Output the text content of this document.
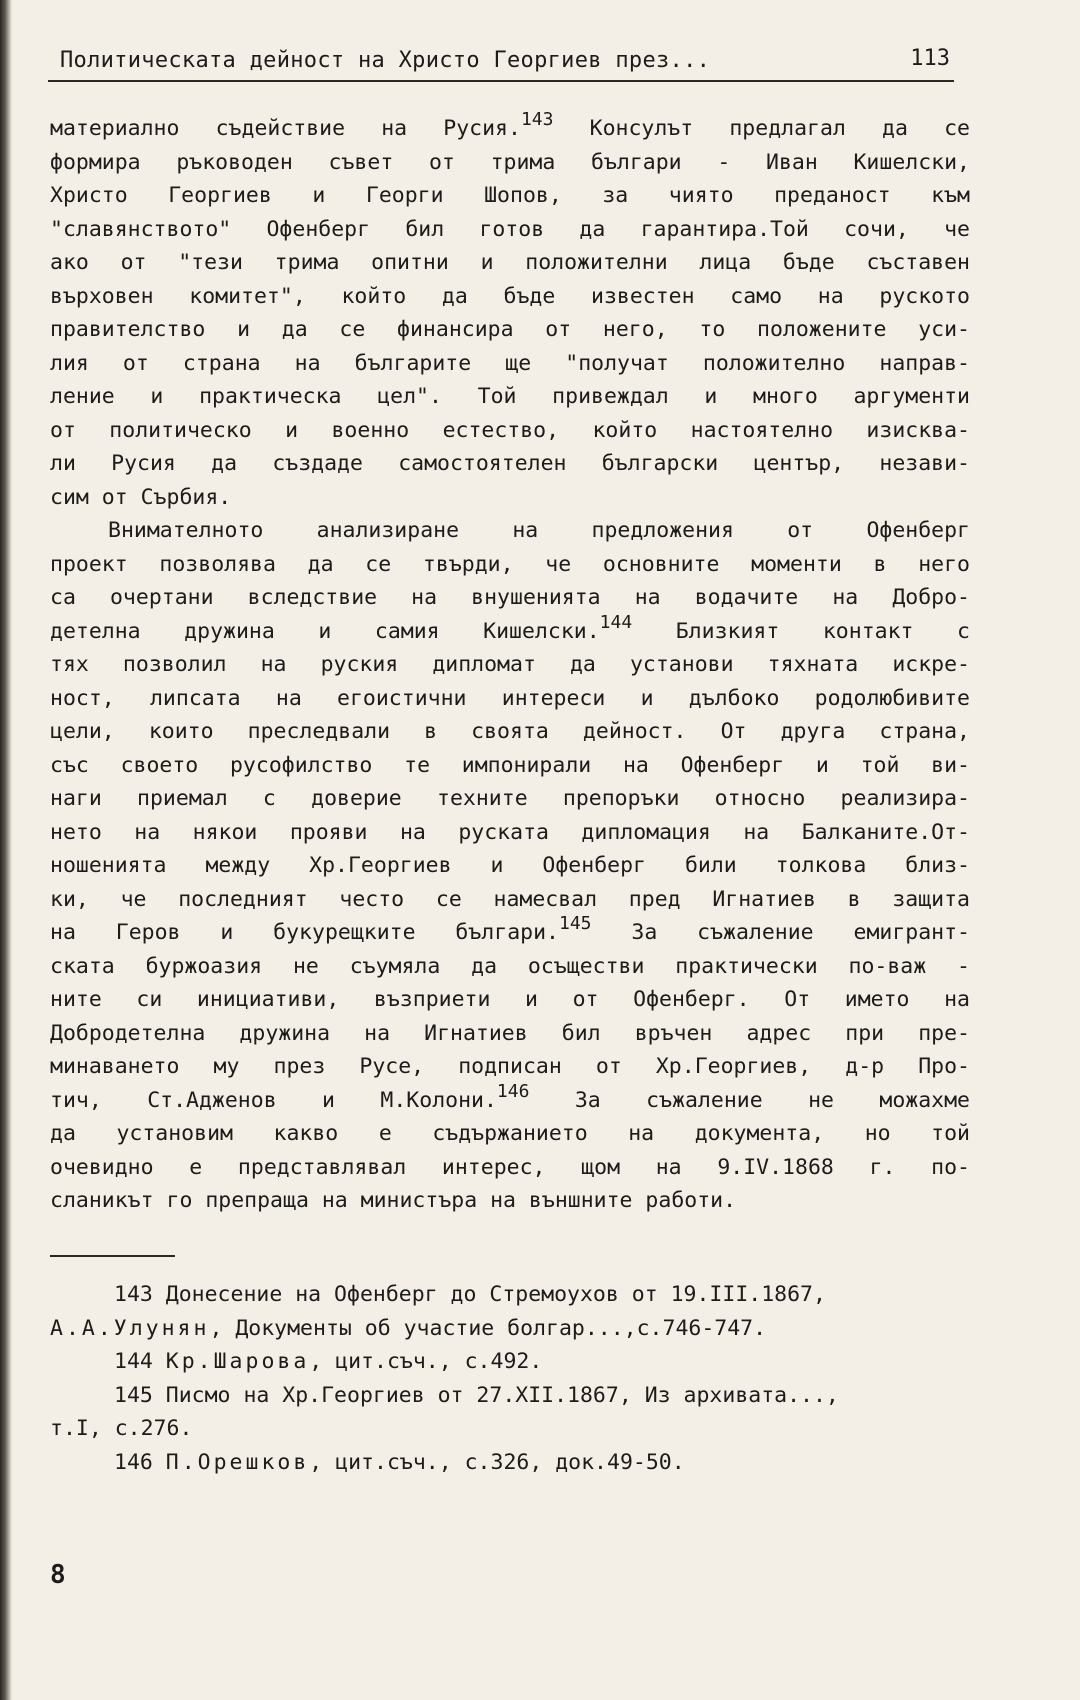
Политическата дейност на Христо Георгиев през...	113
материално съдействие на Русия.$^{143}$ Консулът предлагал да се
формира ръководен съвет от трима българи - Иван Кишелски,
Христо Георгиев и Георги Шопов, за чиято преданост към
"славянството" Офенберг бил готов да гарантира.Той сочи, че
ако от "тези трима опитни и положителни лица бъде съставен
върховен комитет", който да бъде известен само на руското
правителство и да се финансира от него, то положените уси-
лия от страна на българите ще "получат положително направ-
ление и практическа цел". Той привеждал и много аргументи
от политическо и военно естество, който настоятелно изисква-
ли Русия да създаде самостоятелен български център, незави-
сим от Сърбия.
Внимателното анализиране на предложения от Офенберг
проект позволява да се твърди, че основните моменти в него
са очертани вследствие на внушенията на водачите на Добро-
детелна дружина и самия Кишелски.$^{144}$ Близкият контакт с
тях позволил на руския дипломат да установи тяхната искре-
ност, липсата на егоистични интереси и дълбоко родолюбивите
цели, които преследвали в своята дейност. От друга страна,
със своето русофилство те импонирали на Офенберг и той ви-
наги приемал с доверие техните препоръки относно реализира-
нето на някои прояви на руската дипломация на Балканите.От-
ношенията между Хр.Георгиев и Офенберг били толкова близ-
ки, че последният често се намесвал пред Игнатиев в защита
на Геров и букурещките българи.$^{145}$ За съжаление емигрант-
ската буржоазия не съумяла да осъществи практически по-важ -
ните си инициативи, възприети и от Офенберг. От името на
Добродетелна дружина на Игнатиев бил връчен адрес при пре-
минаването му през Русе, подписан от Хр.Георгиев, д-р Про-
тич, Ст.Аджeнов и М.Колони.$^{146}$ За съжаление не можахме
да установим какво е съдържанието на документа, но той
очевидно е представлявал интерес, щом на 9.IV.1868 г. по-
сланикът го препраща на министъра на външните работи.
143 Донесение на Офенберг до Стремоухов от 19.III.1867,
А.А.Улунян, Документы об участие болгар...,с.746-747.
144 Кр.Шарова, цит.съч., с.492.
145 Писмо на Хр.Георгиев от 27.XII.1867, Из архивата...,
т.I, с.276.
146 П.Орешков, цит.съч., с.326, док.49-50.
8
